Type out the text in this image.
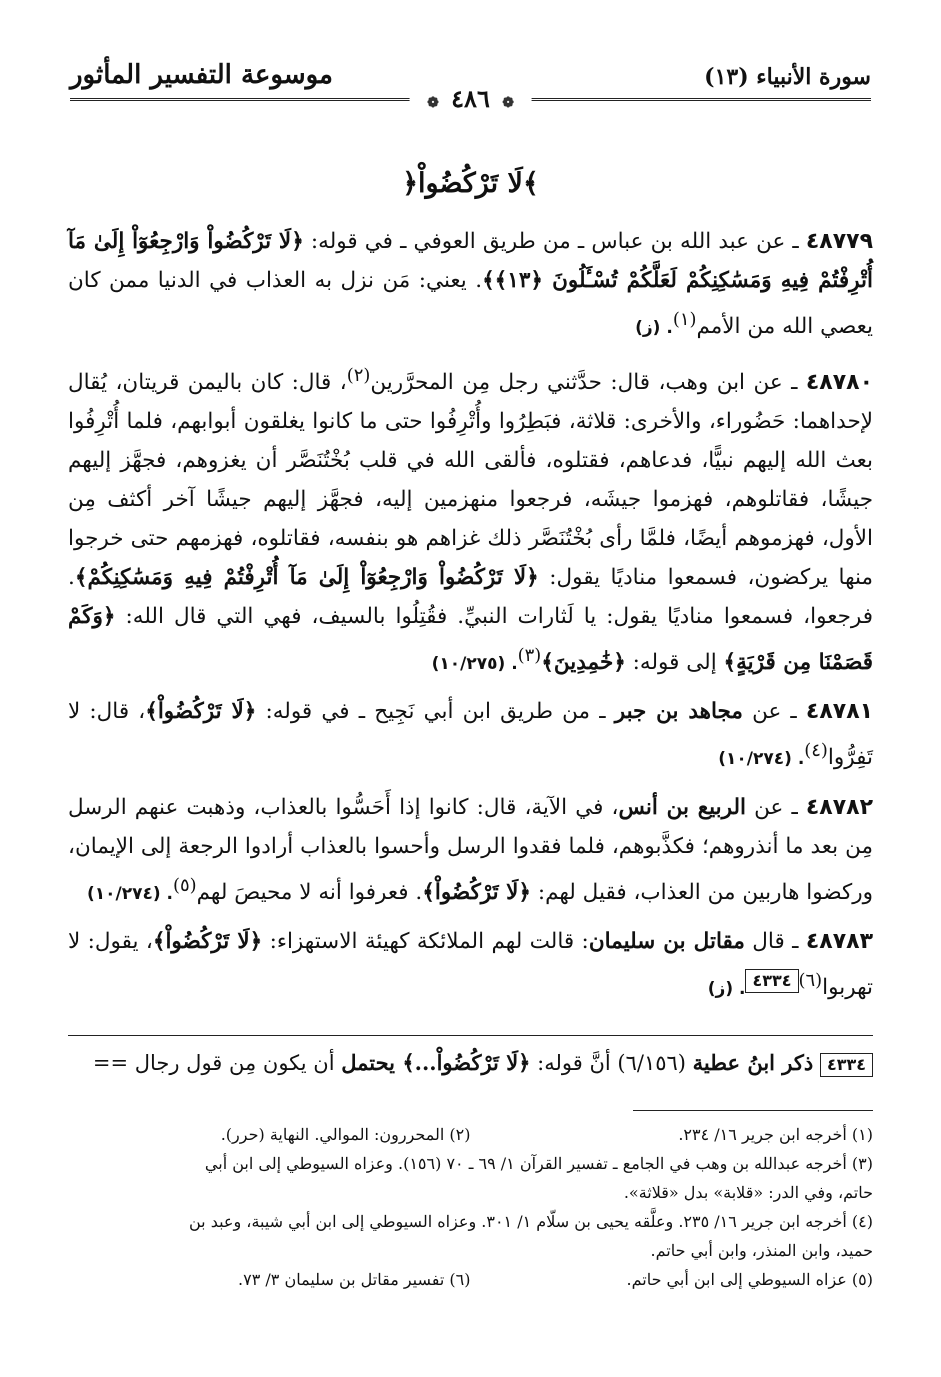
سورة الأنبياء (١٣)
موسوعة التفسير المأثور
❁ ٤٨٦ ❁
﴿لَا تَرْكُضُواْ﴾

٤٨٧٧٩ ـ عن عبد الله بن عباس ـ من طريق العوفي ـ في قوله: ﴿لَا تَرْكُضُواْ وَارْجِعُوٓاْ إِلَىٰ مَآ أُتْرِفْتُمْ فِيهِ وَمَسَٰكِنِكُمْ لَعَلَّكُمْ تُسْـَٔلُونَ ﴿١٣﴾﴾. يعني: مَن نزل به العذاب في الدنيا ممن كان يعصي الله من الأمم$^{(١)}$. (ز)

٤٨٧٨٠ ـ عن ابن وهب، قال: حدَّثني رجل مِن المحرَّرين$^{(٢)}$، قال: كان باليمن قريتان، يُقال لإحداهما: حَضُوراء، والأخرى: قلاثة، فبَطِرُوا وأُتْرِفُوا حتى ما كانوا يغلقون أبوابهم، فلما أُتْرِفُوا بعث الله إليهم نبيًّا، فدعاهم، فقتلوه، فألقى الله في قلب بُخْتُنَصَّر أن يغزوهم، فجهَّز إليهم جيشًا، فقاتلوهم، فهزموا جيشَه، فرجعوا منهزمين إليه، فجهَّز إليهم جيشًا آخر أكثف مِن الأول، فهزموهم أيضًا، فلمَّا رأى بُخْتُنَصَّر ذلك غزاهم هو بنفسه، فقاتلوه، فهزمهم حتى خرجوا منها يركضون، فسمعوا مناديًا يقول: ﴿لَا تَرْكُضُواْ وَارْجِعُوٓاْ إِلَىٰ مَآ أُتْرِفْتُمْ فِيهِ وَمَسَٰكِنِكُمْ﴾. فرجعوا، فسمعوا مناديًا يقول: يا لَثارات النبيِّ. فقُتِلُوا بالسيف، فهي التي قال الله: ﴿وَكَمْ قَصَمْنَا مِن قَرْيَةٍ﴾ إلى قوله: ﴿خَٰمِدِينَ﴾$^{(٣)}$. (١٠/٢٧٥)

٤٨٧٨١ ـ عن مجاهد بن جبر ـ من طريق ابن أبي نَجِيح ـ في قوله: ﴿لَا تَرْكُضُواْ﴾، قال: لا تَفِرُّوا$^{(٤)}$. (١٠/٢٧٤)

٤٨٧٨٢ ـ عن الربيع بن أنس، في الآية، قال: كانوا إذا أَحَسُّوا بالعذاب، وذهبت عنهم الرسل مِن بعد ما أنذروهم؛ فكذَّبوهم، فلما فقدوا الرسل وأحسوا بالعذاب أرادوا الرجعة إلى الإيمان، وركضوا هاربين من العذاب، فقيل لهم: ﴿لَا تَرْكُضُواْ﴾. فعرفوا أنه لا محيصَ لهم$^{(٥)}$. (١٠/٢٧٤)

٤٨٧٨٣ ـ قال مقاتل بن سليمان: قالت لهم الملائكة كهيئة الاستهزاء: ﴿لَا تَرْكُضُواْ﴾، يقول: لا تهربوا$^{(٦)٤٣٣٤}$. (ز)

٤٣٣٤ ذكر ابنُ عطية (٦/١٥٦) أنَّ قوله: ﴿لَا تَرْكُضُواْ...﴾ يحتمل أن يكون مِن قول رجال ==
(١) أخرجه ابن جرير ١٦/ ٢٣٤.
(٢) المحررون: الموالي. النهاية (حرر).

(٣) أخرجه عبدالله بن وهب في الجامع ـ تفسير القرآن ١/ ٦٩ ـ ٧٠ (١٥٦). وعزاه السيوطي إلى ابن أبي

حاتم، وفي الدر: «قلابة» بدل «قلاثة».

(٤) أخرجه ابن جرير ١٦/ ٢٣٥. وعلَّقه يحيى بن سلّام ١/ ٣٠١. وعزاه السيوطي إلى ابن أبي شيبة، وعبد بن

حميد، وابن المنذر، وابن أبي حاتم.

(٥) عزاه السيوطي إلى ابن أبي حاتم.
(٦) تفسير مقاتل بن سليمان ٣/ ٧٣.
